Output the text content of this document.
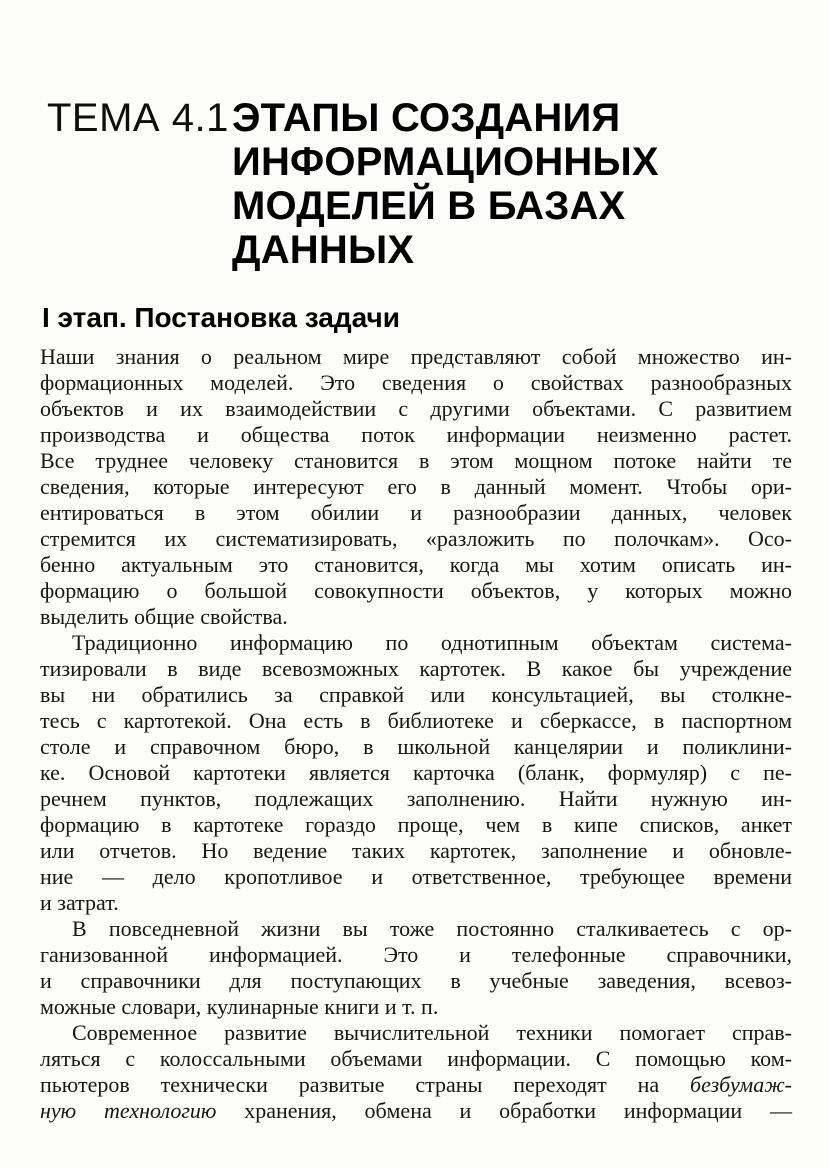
ТЕМА 4.1 ЭТАПЫ СОЗДАНИЯ
ИНФОРМАЦИОННЫХ
МОДЕЛЕЙ В БАЗАХ
ДАННЫХ
I этап. Постановка задачи
Наши знания о реальном мире представляют собой множество ин-
формационных моделей. Это сведения о свойствах разнообразных
объектов и их взаимодействии с другими объектами. С развитием
производства и общества поток информации неизменно растет.
Все труднее человеку становится в этом мощном потоке найти те
сведения, которые интересуют его в данный момент. Чтобы ори-
ентироваться в этом обилии и разнообразии данных, человек
стремится их систематизировать, «разложить по полочкам». Осо-
бенно актуальным это становится, когда мы хотим описать ин-
формацию о большой совокупности объектов, у которых можно
выделить общие свойства.
Традиционно информацию по однотипным объектам система-
тизировали в виде всевозможных картотек. В какое бы учреждение
вы ни обратились за справкой или консультацией, вы столкне-
тесь с картотекой. Она есть в библиотеке и сберкассе, в паспортном
столе и справочном бюро, в школьной канцелярии и поликлини-
ке. Основой картотеки является карточка (бланк, формуляр) с пе-
речнем пунктов, подлежащих заполнению. Найти нужную ин-
формацию в картотеке гораздо проще, чем в кипе списков, анкет
или отчетов. Но ведение таких картотек, заполнение и обновле-
ние — дело кропотливое и ответственное, требующее времени
и затрат.
В повседневной жизни вы тоже постоянно сталкиваетесь с ор-
ганизованной информацией. Это и телефонные справочники,
и справочники для поступающих в учебные заведения, всевоз-
можные словари, кулинарные книги и т. п.
Современное развитие вычислительной техники помогает справ-
ляться с колоссальными объемами информации. С помощью ком-
пьютеров технически развитые страны переходят на безбумаж-
ную технологию хранения, обмена и обработки информации —
